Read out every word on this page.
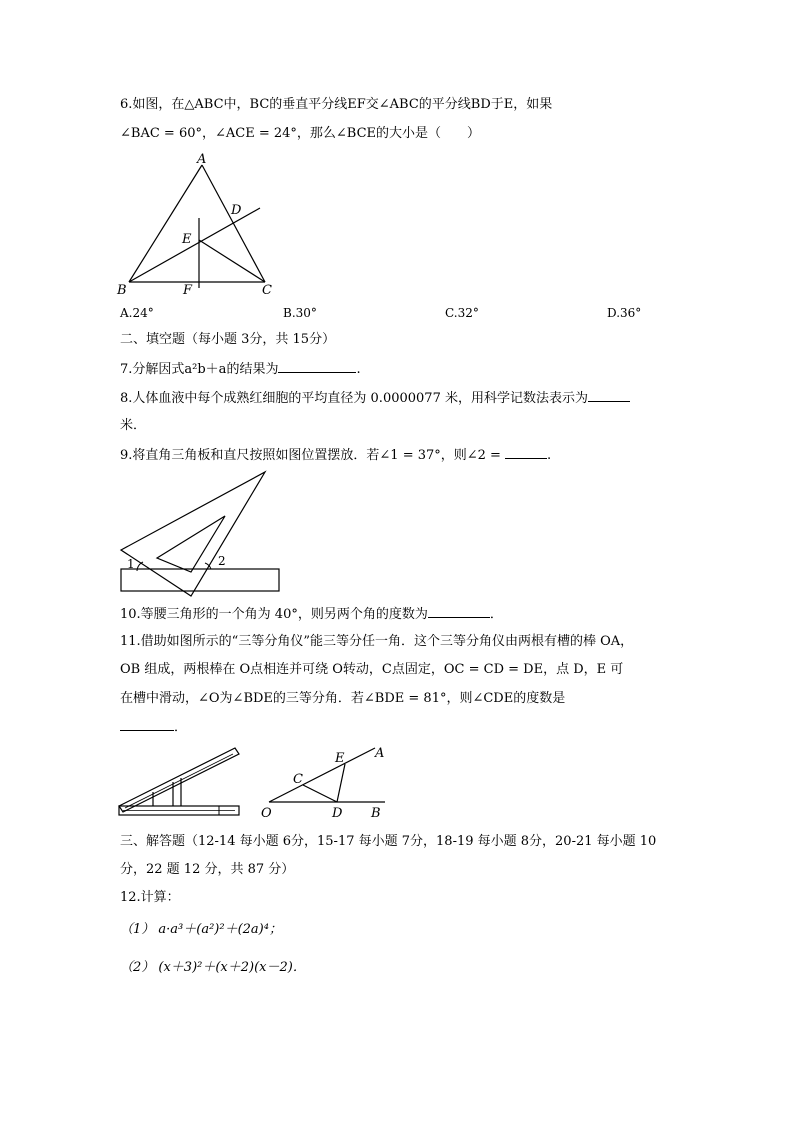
6.如图，在△ABC中，BC的垂直平分线EF交∠ABC的平分线BD于E，如果
∠BAC = 60°，∠ACE = 24°，那么∠BCE的大小是（　　）
A
B	C
D
E
F
A.24°	B.30°	C.32°	D.36°
二、填空题（每小题 3分，共 15分）
7.分解因式a²b＋a的结果为	.
8.人体血液中每个成熟红细胞的平均直径为 0.0000077 米，用科学记数法表示为
米．
9.将直角三角板和直尺按照如图位置摆放．若∠1 = 37°，则∠2 =	.
1	2
10.等腰三角形的一个角为 40°，则另两个角的度数为	．
11.借助如图所示的“三等分角仪”能三等分任一角．这个三等分角仪由两根有槽的棒 OA，
OB 组成，两根棒在 O点相连并可绕 O转动，C点固定，OC = CD = DE，点 D，E 可
在槽中滑动，∠O为∠BDE的三等分角．若∠BDE = 81°，则∠CDE的度数是
．
O
A
B
C
D
E
三、解答题（12-14 每小题 6分，15-17 每小题 7分，18-19 每小题 8分，20-21 每小题 10
分，22 题 12 分，共 87 分）
12.计算：
（1） a·a³＋(a²)²＋(2a)⁴；
（2） (x＋3)²＋(x＋2)(x－2)．
